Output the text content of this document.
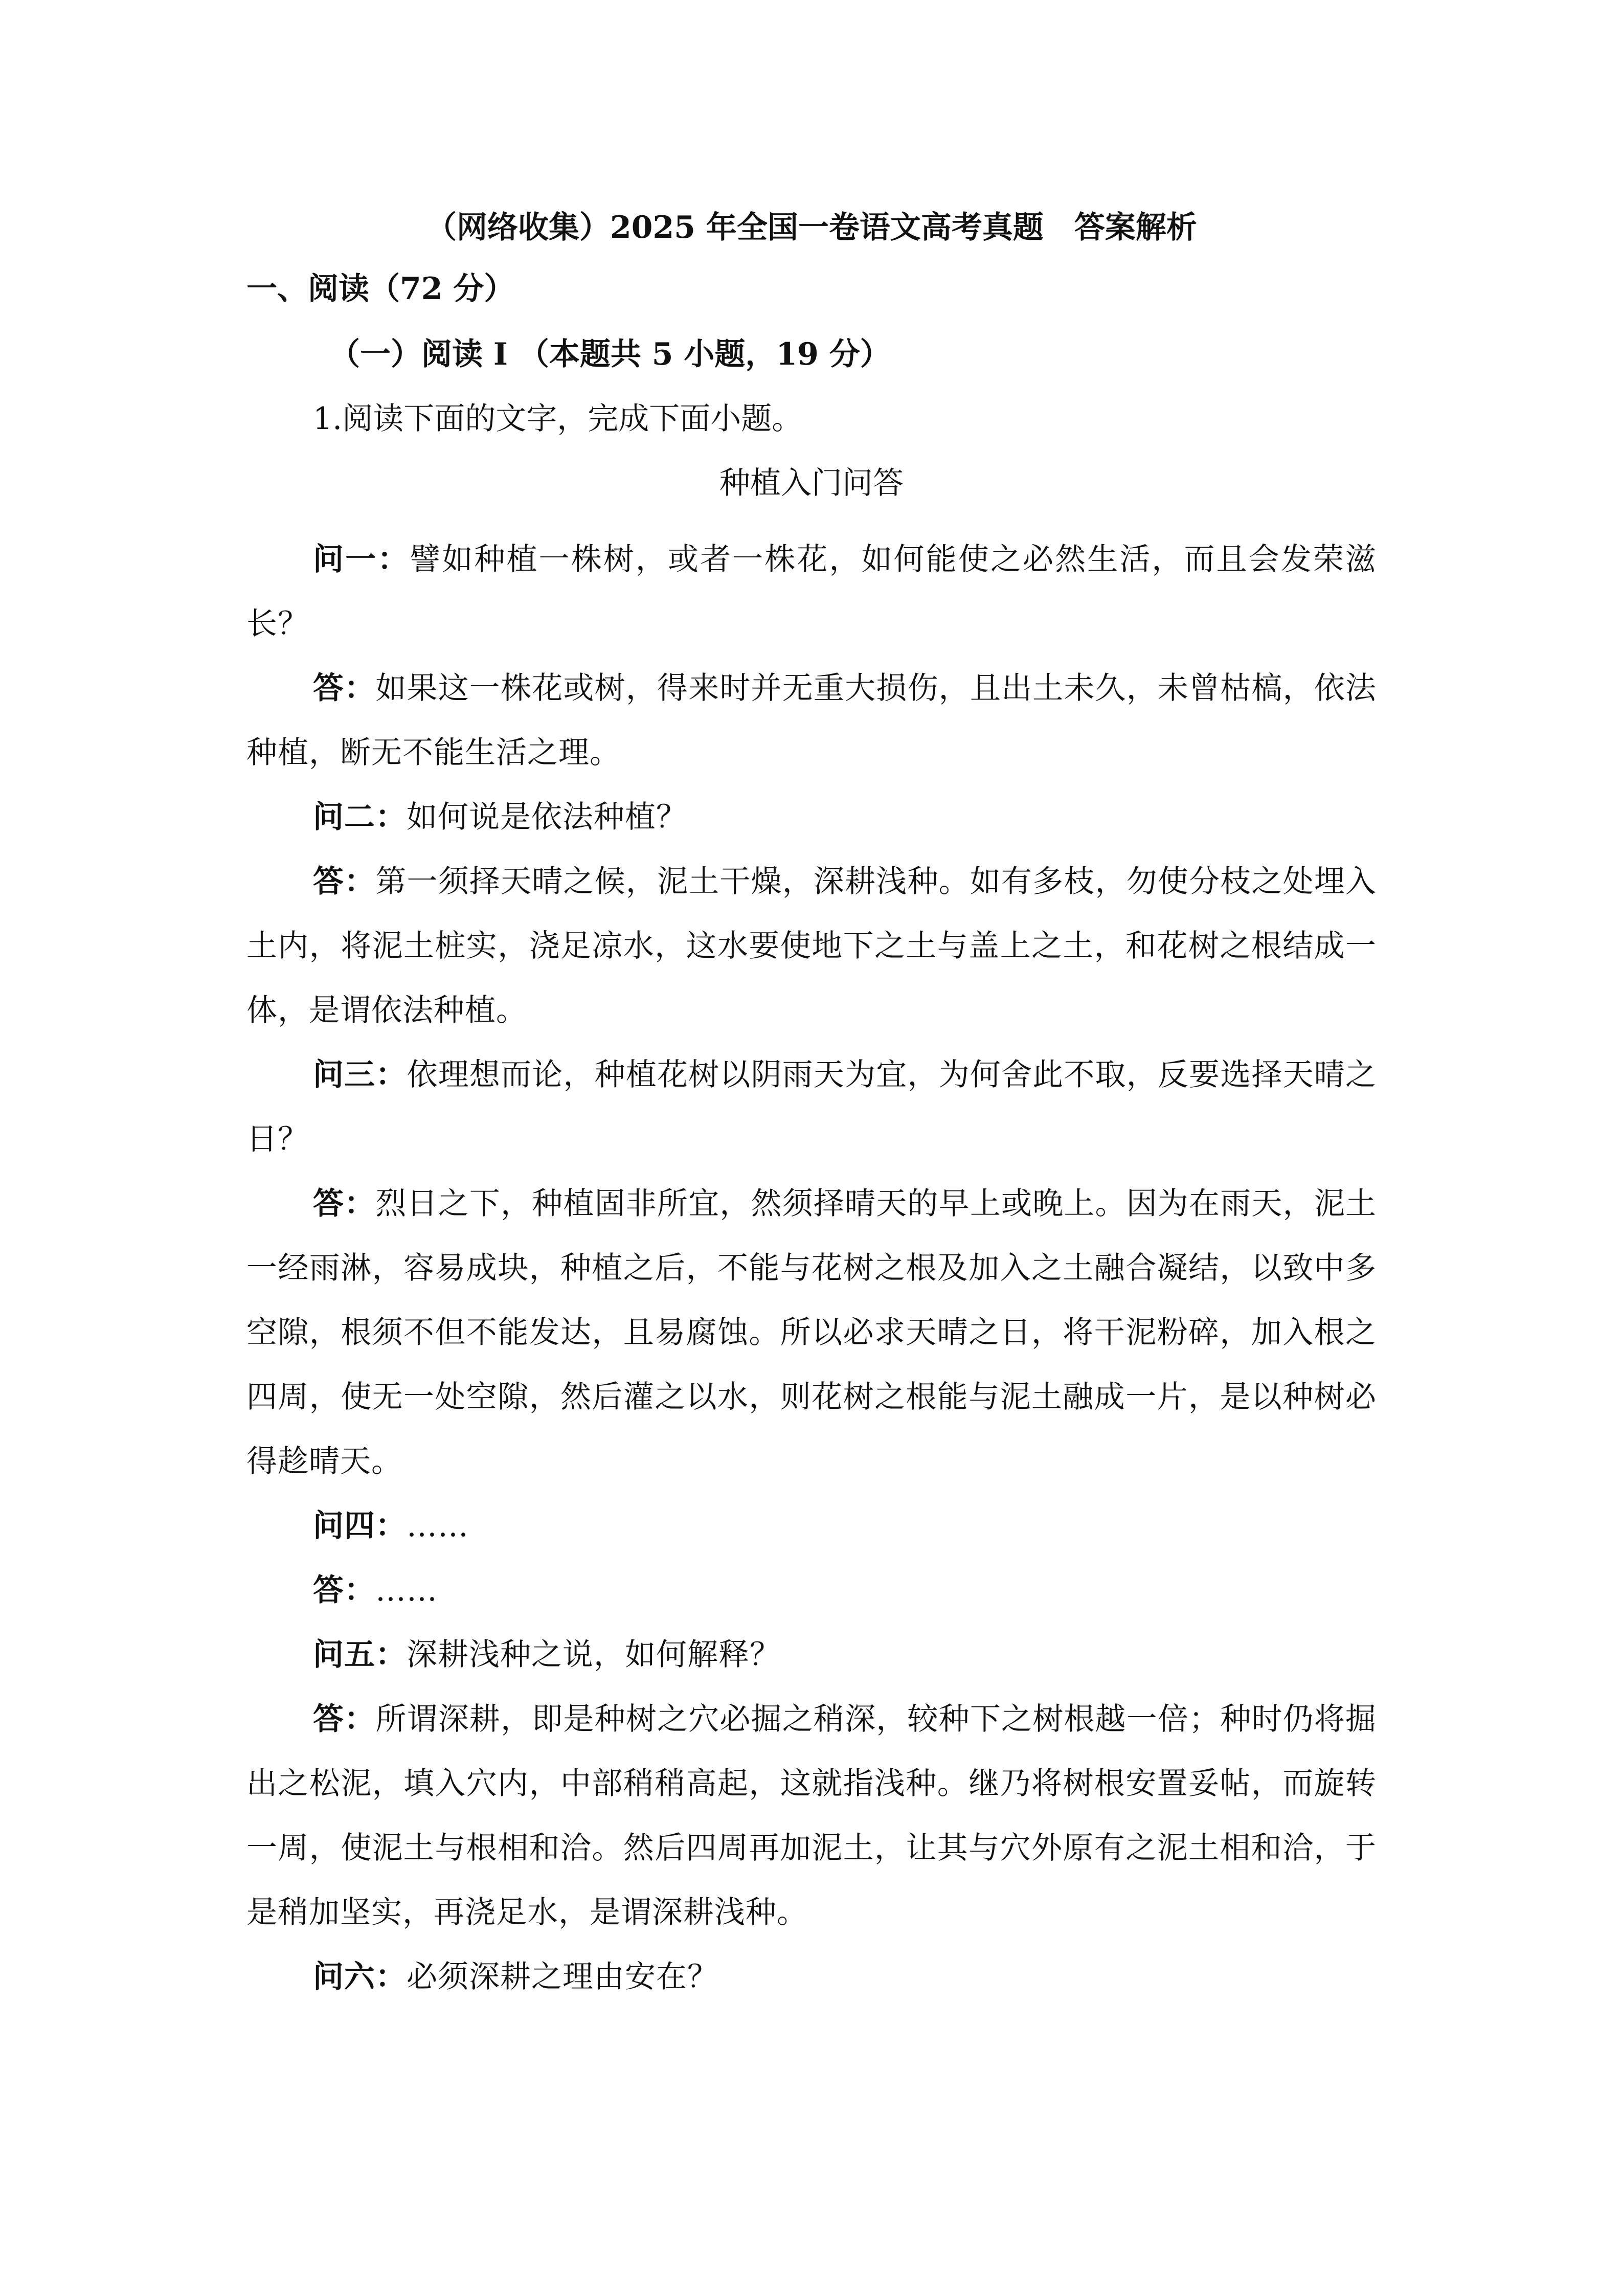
（网络收集）2025 年全国一卷语文高考真题　答案解析
一、阅读（72 分）
（一）阅读 I （本题共 5 小题，19 分）
1.阅读下面的文字，完成下面小题。
种植入门问答

问一：譬如种植一株树，或者一株花，如何能使之必然生活，而且会发荣滋长？

答：如果这一株花或树，得来时并无重大损伤，且出土未久，未曾枯槁，依法种植，断无不能生活之理。

问二：如何说是依法种植？

答：第一须择天晴之候，泥土干燥，深耕浅种。如有多枝，勿使分枝之处埋入土内，将泥土桩实，浇足凉水，这水要使地下之土与盖上之土，和花树之根结成一体，是谓依法种植。

问三：依理想而论，种植花树以阴雨天为宜，为何舍此不取，反要选择天晴之日？

答：烈日之下，种植固非所宜，然须择晴天的早上或晚上。因为在雨天，泥土一经雨淋，容易成块，种植之后，不能与花树之根及加入之土融合凝结，以致中多空隙，根须不但不能发达，且易腐蚀。所以必求天晴之日，将干泥粉碎，加入根之四周，使无一处空隙，然后灌之以水，则花树之根能与泥土融成一片，是以种树必得趁晴天。

问四：……

答：……

问五：深耕浅种之说，如何解释？

答：所谓深耕，即是种树之穴必掘之稍深，较种下之树根越一倍；种时仍将掘出之松泥，填入穴内，中部稍稍高起，这就指浅种。继乃将树根安置妥帖，而旋转一周，使泥土与根相和洽。然后四周再加泥土，让其与穴外原有之泥土相和洽，于是稍加坚实，再浇足水，是谓深耕浅种。

问六：必须深耕之理由安在？
